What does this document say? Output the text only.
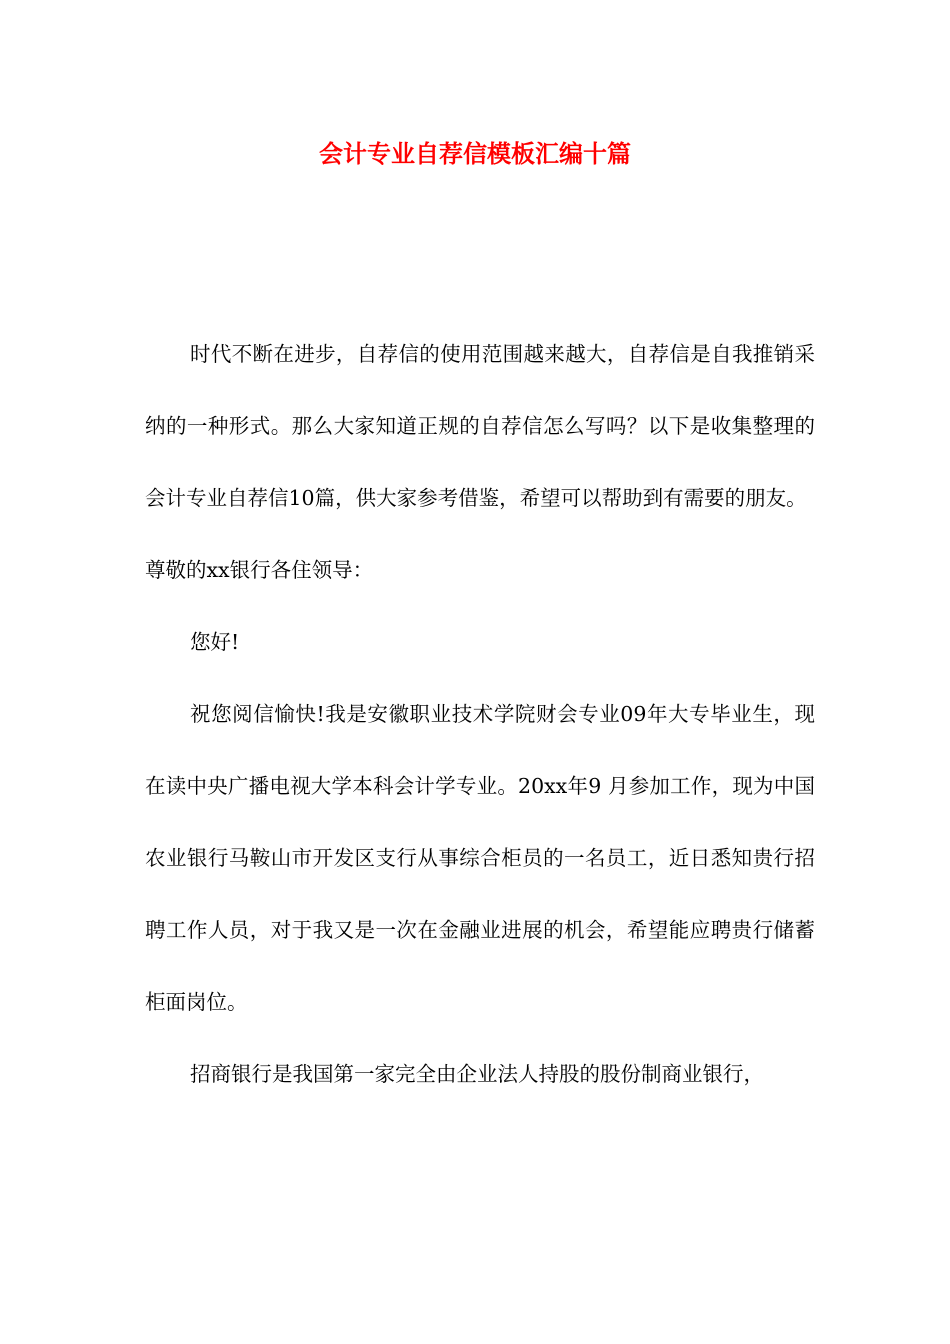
会计专业自荐信模板汇编十篇

时代不断在进步，自荐信的使用范围越来越大，自荐信是自我推销采纳的一种形式。那么大家知道正规的自荐信怎么写吗？以下是收集整理的会计专业自荐信10篇，供大家参考借鉴，希望可以帮助到有需要的朋友。

尊敬的xx银行各住领导：

您好!

祝您阅信愉快!我是安徽职业技术学院财会专业09年大专毕业生，现在读中央广播电视大学本科会计学专业。20xx年9 月参加工作，现为中国农业银行马鞍山市开发区支行从事综合柜员的一名员工，近日悉知贵行招聘工作人员，对于我又是一次在金融业进展的机会，希望能应聘贵行储蓄柜面岗位。

招商银行是我国第一家完全由企业法人持股的股份制商业银行，
